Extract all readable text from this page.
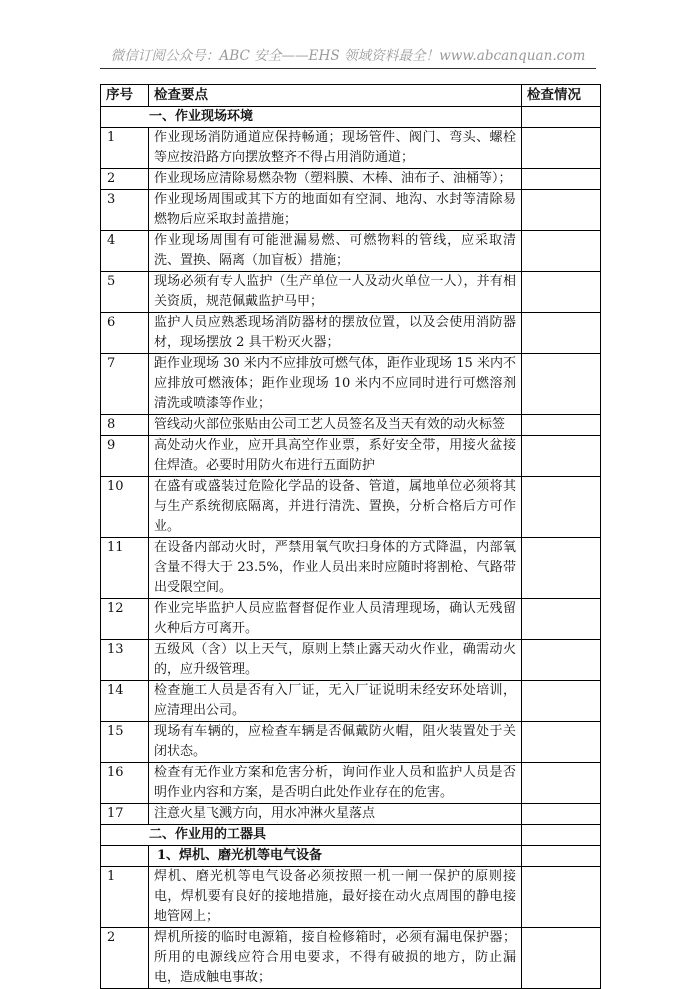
微信订阅公众号：ABC 安全——EHS 领域资料最全！www.abcanquan.com
序号	检查要点	检查情况
一、作业现场环境		
1	作业现场消防通道应保持畅通；现场管件、阀门、弯头、螺栓等应按沿路方向摆放整齐不得占用消防通道；	
2	作业现场应清除易燃杂物（塑料膜、木棒、油布子、油桶等）；	
3	作业现场周围或其下方的地面如有空洞、地沟、水封等清除易燃物后应采取封盖措施；	
4	作业现场周围有可能泄漏易燃、可燃物料的管线，应采取清洗、置换、隔离（加盲板）措施；	
5	现场必须有专人监护（生产单位一人及动火单位一人），并有相关资质，规范佩戴监护马甲；	
6	监护人员应熟悉现场消防器材的摆放位置，以及会使用消防器材，现场摆放 2 具干粉灭火器；	
7	距作业现场 30 米内不应排放可燃气体，距作业现场 15 米内不应排放可燃液体；距作业现场 10 米内不应同时进行可燃溶剂清洗或喷漆等作业；	
8	管线动火部位张贴由公司工艺人员签名及当天有效的动火标签	
9	高处动火作业，应开具高空作业票，系好安全带，用接火盆接住焊渣。必要时用防火布进行五面防护	
10	在盛有或盛装过危险化学品的设备、管道，属地单位必须将其与生产系统彻底隔离，并进行清洗、置换，分析合格后方可作业。	
11	在设备内部动火时，严禁用氧气吹扫身体的方式降温，内部氧含量不得大于 23.5%，作业人员出来时应随时将割枪、气路带出受限空间。	
12	作业完毕监护人员应监督督促作业人员清理现场，确认无残留火种后方可离开。	
13	五级风（含）以上天气，原则上禁止露天动火作业，确需动火的，应升级管理。	
14	检查施工人员是否有入厂证，无入厂证说明未经安环处培训，应清理出公司。	
15	现场有车辆的，应检查车辆是否佩戴防火帽，阻火装置处于关闭状态。	
16	检查有无作业方案和危害分析，询问作业人员和监护人员是否明作业内容和方案，是否明白此处作业存在的危害。	
17	注意火星飞溅方向，用水冲淋火星落点	
二、作业用的工器具		
	1、焊机、磨光机等电气设备	
1	焊机、磨光机等电气设备必须按照一机一闸一保护的原则接电，焊机要有良好的接地措施，最好接在动火点周围的静电接地管网上；	
2	焊机所接的临时电源箱，接自检修箱时，必须有漏电保护器；所用的电源线应符合用电要求，不得有破损的地方，防止漏电，造成触电事故；	
